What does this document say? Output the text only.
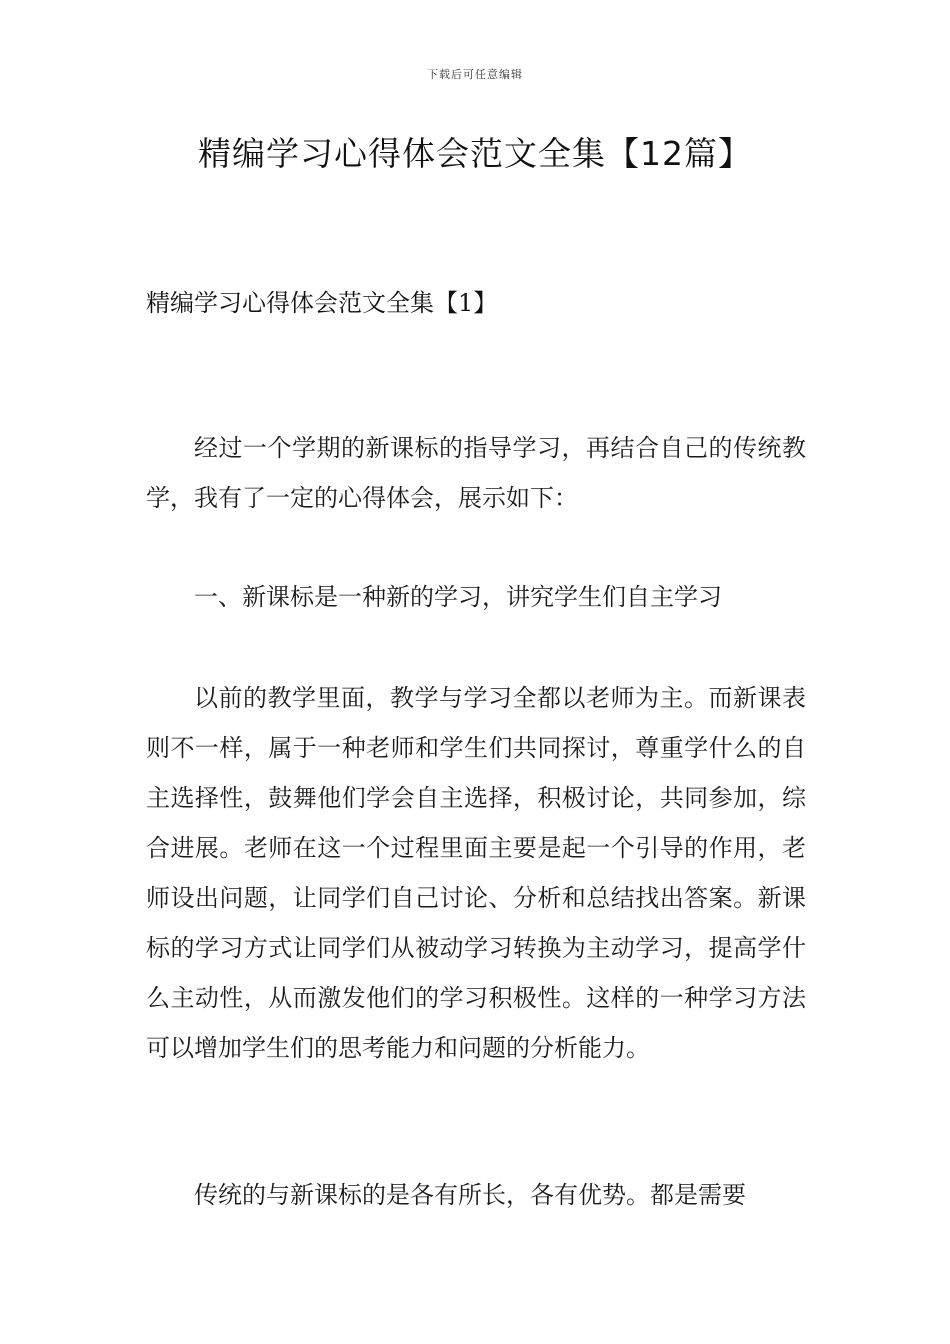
下载后可任意编辑
精编学习心得体会范文全集【12篇】
精编学习心得体会范文全集【1】

经过一个学期的新课标的指导学习，再结合自己的传统教学，我有了一定的心得体会，展示如下：

一、新课标是一种新的学习，讲究学生们自主学习

以前的教学里面，教学与学习全都以老师为主。而新课表则不一样，属于一种老师和学生们共同探讨，尊重学什么的自主选择性，鼓舞他们学会自主选择，积极讨论，共同参加，综合进展。老师在这一个过程里面主要是起一个引导的作用，老师设出问题，让同学们自己讨论、分析和总结找出答案。新课标的学习方式让同学们从被动学习转换为主动学习，提高学什么主动性，从而激发他们的学习积极性。这样的一种学习方法可以增加学生们的思考能力和问题的分析能力。

传统的与新课标的是各有所长，各有优势。都是需要
